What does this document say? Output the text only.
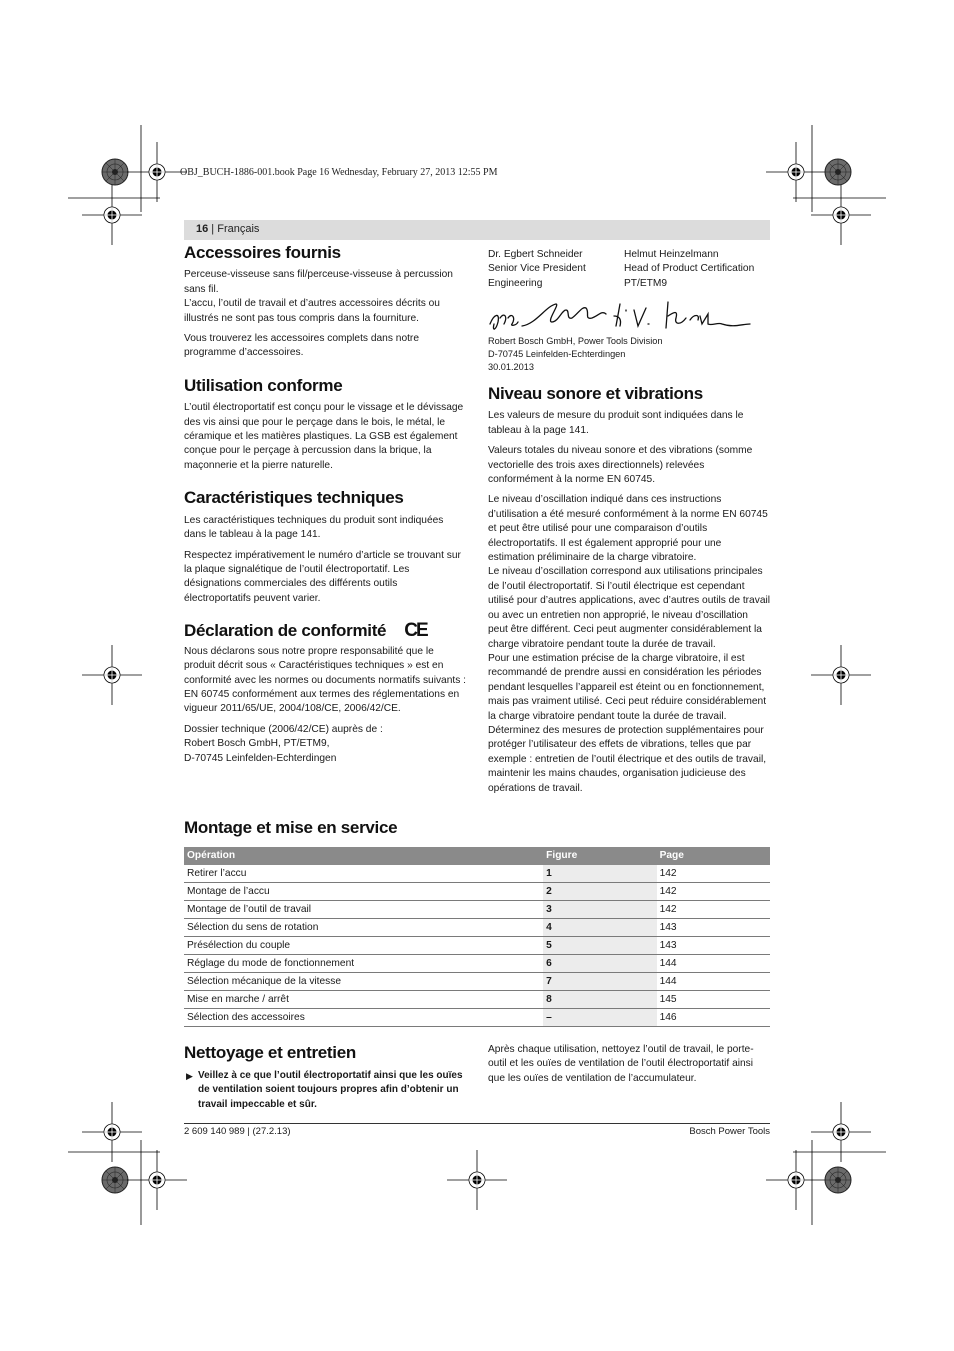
OBJ_BUCH-1886-001.book Page 16 Wednesday, February 27, 2013 12:55 PM
16 | Français
Accessoires fournis

Perceuse-visseuse sans fil/perceuse-visseuse à percussion sans fil.

L’accu, l’outil de travail et d’autres accessoires décrits ou illustrés ne sont pas tous compris dans la fourniture.

Vous trouverez les accessoires complets dans notre programme d’accessoires.

Utilisation conforme

L’outil électroportatif est conçu pour le vissage et le dévissage des vis ainsi que pour le perçage dans le bois, le métal, le céramique et les matières plastiques. La GSB est également conçue pour le perçage à percussion dans la brique, la maçonnerie et la pierre naturelle.

Caractéristiques techniques

Les caractéristiques techniques du produit sont indiquées dans le tableau à la page 141.

Respectez impérativement le numéro d’article se trouvant sur la plaque signalétique de l’outil électroportatif. Les désignations commerciales des différents outils électroportatifs peuvent varier.

Déclaration de conformité CE

Nous déclarons sous notre propre responsabilité que le produit décrit sous « Caractéristiques techniques » est en conformité avec les normes ou documents normatifs suivants : EN 60745 conformément aux termes des réglementations en vigueur 2011/65/UE, 2004/108/CE, 2006/42/CE.

Dossier technique (2006/42/CE) auprès de :
Robert Bosch GmbH, PT/ETM9,
D-70745 Leinfelden-Echterdingen

Dr. Egbert Schneider
Senior Vice President
Engineering
Helmut Heinzelmann
Head of Product Certification
PT/ETM9
Robert Bosch GmbH, Power Tools Division
D-70745 Leinfelden-Echterdingen
30.01.2013
Niveau sonore et vibrations

Les valeurs de mesure du produit sont indiquées dans le tableau à la page 141.

Valeurs totales du niveau sonore et des vibrations (somme vectorielle des trois axes directionnels) relevées conformément à la norme EN 60745.

Le niveau d’oscillation indiqué dans ces instructions d’utilisation a été mesuré conformément à la norme EN 60745 et peut être utilisé pour une comparaison d’outils électroportatifs. Il est également approprié pour une estimation préliminaire de la charge vibratoire.

Le niveau d’oscillation correspond aux utilisations principales de l’outil électroportatif. Si l’outil électrique est cependant utilisé pour d’autres applications, avec d’autres outils de travail ou avec un entretien non approprié, le niveau d’oscillation peut être différent. Ceci peut augmenter considérablement la charge vibratoire pendant toute la durée de travail.

Pour une estimation précise de la charge vibratoire, il est recommandé de prendre aussi en considération les périodes pendant lesquelles l’appareil est éteint ou en fonctionnement, mais pas vraiment utilisé. Ceci peut réduire considérablement la charge vibratoire pendant toute la durée de travail. Déterminez des mesures de protection supplémentaires pour protéger l’utilisateur des effets de vibrations, telles que par exemple : entretien de l’outil électrique et des outils de travail, maintenir les mains chaudes, organisation judicieuse des opérations de travail.

Montage et mise en service
Opération	Figure	Page
Retirer l’accu	1	142
Montage de l’accu	2	142
Montage de l’outil de travail	3	142
Sélection du sens de rotation	4	143
Présélection du couple	5	143
Réglage du mode de fonctionnement	6	144
Sélection mécanique de la vitesse	7	144
Mise en marche / arrêt	8	145
Sélection des accessoires	–	146
Nettoyage et entretien
▶ Veillez à ce que l’outil électroportatif ainsi que les ouïes de ventilation soient toujours propres afin d’obtenir un travail impeccable et sûr.

Après chaque utilisation, nettoyez l’outil de travail, le porte-outil et les ouïes de ventilation de l’outil électroportatif ainsi que les ouïes de ventilation de l’accumulateur.

2 609 140 989 | (27.2.13)	Bosch Power Tools
